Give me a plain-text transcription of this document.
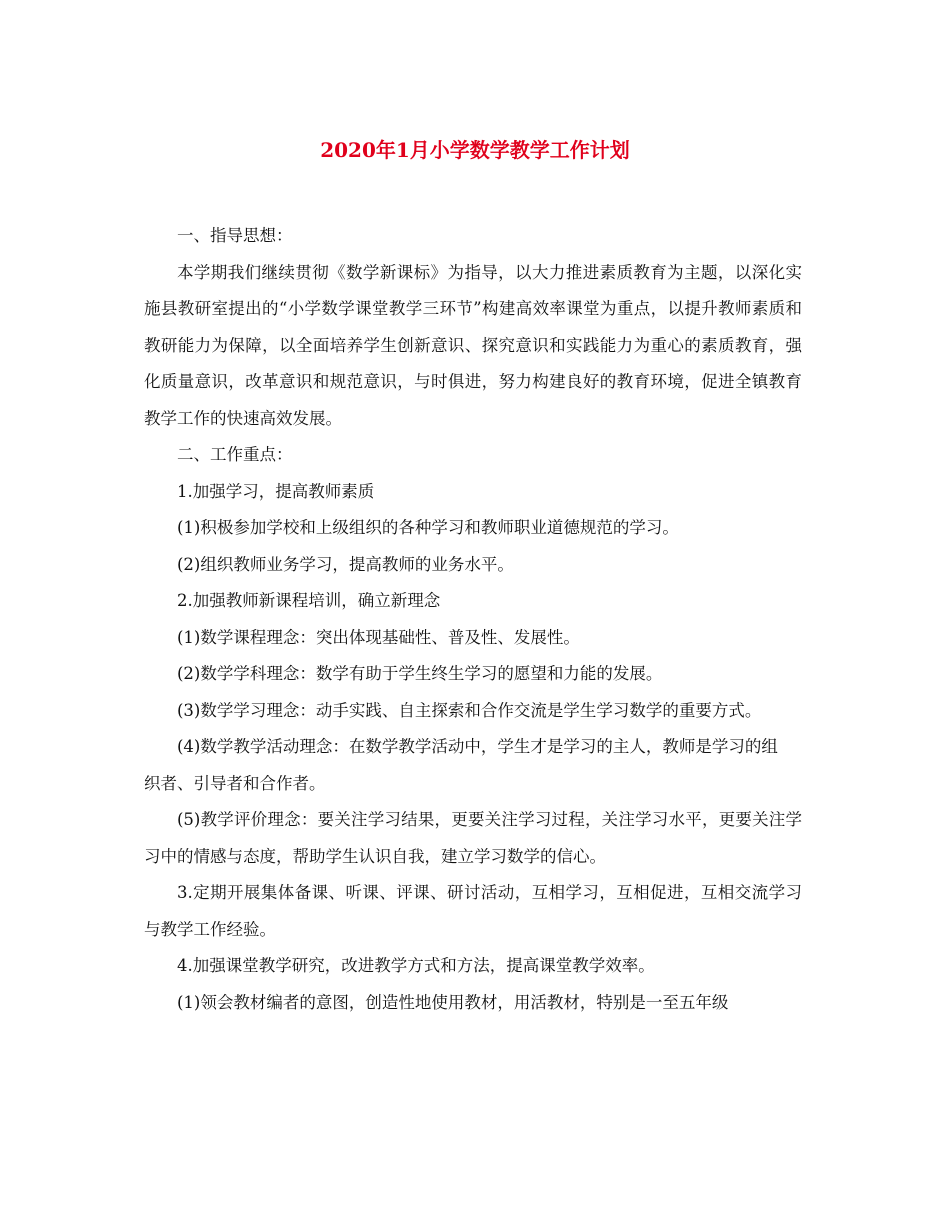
2020年1月小学数学教学工作计划

一、指导思想：

本学期我们继续贯彻《数学新课标》为指导，以大力推进素质教育为主题，以深化实施县教研室提出的“小学数学课堂教学三环节”构建高效率课堂为重点，以提升教师素质和教研能力为保障，以全面培养学生创新意识、探究意识和实践能力为重心的素质教育，强化质量意识，改革意识和规范意识，与时俱进，努力构建良好的教育环境，促进全镇教育教学工作的快速高效发展。

二、工作重点：

1.加强学习，提高教师素质

(1)积极参加学校和上级组织的各种学习和教师职业道德规范的学习。

(2)组织教师业务学习，提高教师的业务水平。

2.加强教师新课程培训，确立新理念

(1)数学课程理念：突出体现基础性、普及性、发展性。

(2)数学学科理念：数学有助于学生终生学习的愿望和力能的发展。

(3)数学学习理念：动手实践、自主探索和合作交流是学生学习数学的重要方式。

(4)数学教学活动理念：在数学教学活动中，学生才是学习的主人，教师是学习的组

织者、引导者和合作者。

(5)教学评价理念：要关注学习结果，更要关注学习过程，关注学习水平，更要关注学习中的情感与态度，帮助学生认识自我，建立学习数学的信心。

3.定期开展集体备课、听课、评课、研讨活动，互相学习，互相促进，互相交流学习与教学工作经验。

4.加强课堂教学研究，改进教学方式和方法，提高课堂教学效率。

(1)领会教材编者的意图，创造性地使用教材，用活教材，特别是一至五年级
